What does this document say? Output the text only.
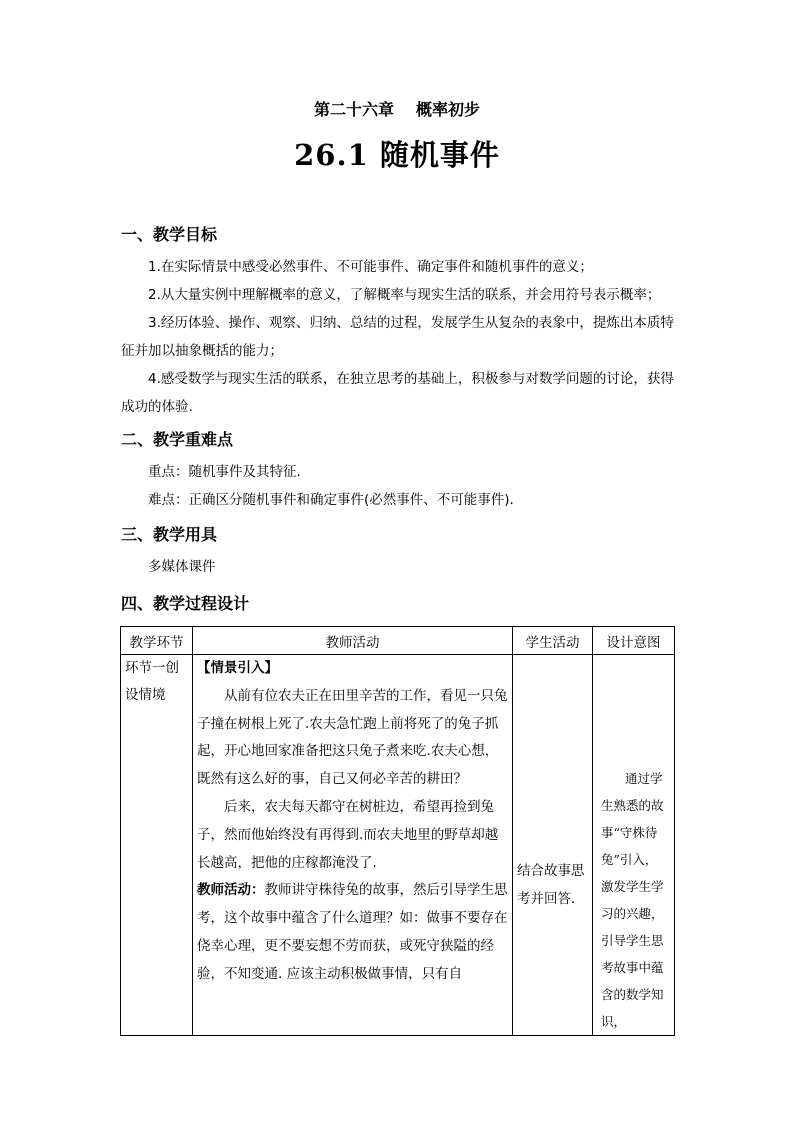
第二十六章 概率初步
26.1 随机事件
一、教学目标
1.在实际情景中感受必然事件、不可能事件、确定事件和随机事件的意义；
2.从大量实例中理解概率的意义，了解概率与现实生活的联系，并会用符号表示概率；
3.经历体验、操作、观察、归纳、总结的过程，发展学生从复杂的表象中，提炼出本质特征并加以抽象概括的能力；
4.感受数学与现实生活的联系，在独立思考的基础上，积极参与对数学问题的讨论，获得成功的体验.
二、教学重难点
重点：随机事件及其特征.
难点：正确区分随机事件和确定事件(必然事件、不可能事件).
三、教学用具
多媒体课件
四、教学过程设计
教学环节	教师活动	学生活动	设计意图
环节一创设情境	【情景引入】
从前有位农夫正在田里辛苦的工作，看见一只兔子撞在树根上死了.农夫急忙跑上前将死了的兔子抓起，开心地回家准备把这只兔子煮来吃.农夫心想，既然有这么好的事，自己又何必辛苦的耕田？
后来，农夫每天都守在树桩边，希望再捡到兔子，然而他始终没有再得到.而农夫地里的野草却越长越高，把他的庄稼都淹没了.
教师活动：教师讲守株待兔的故事，然后引导学生思考，这个故事中蕴含了什么道理？如：做事不要存在侥幸心理，更不要妄想不劳而获，或死守狭隘的经验，不知变通. 应该主动积极做事情，只有自	结合故事思考并回答.	通过学生熟悉的故事“守株待兔”引入，激发学生学习的兴趣，引导学生思考故事中蕴含的数学知识，
